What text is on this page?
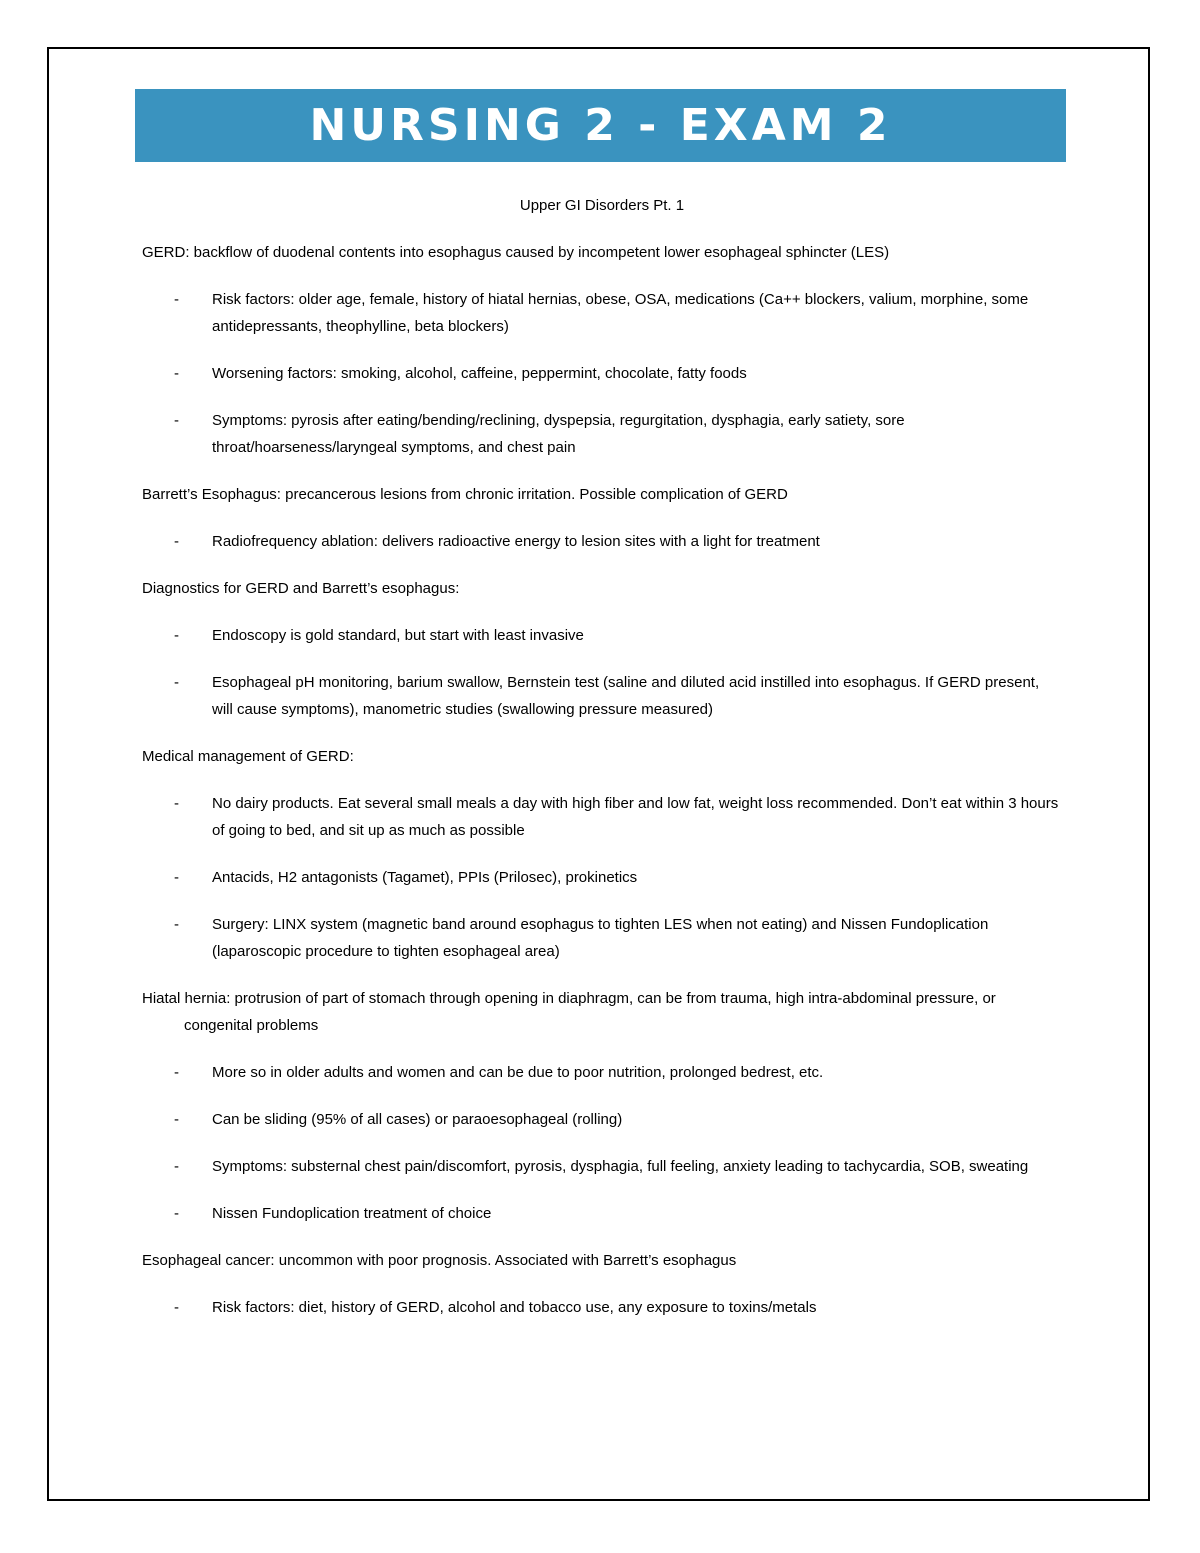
NURSING 2 - EXAM 2

Upper GI Disorders Pt. 1

GERD: backflow of duodenal contents into esophagus caused by incompetent lower esophageal sphincter (LES)

- Risk factors: older age, female, history of hiatal hernias, obese, OSA, medications (Ca++ blockers, valium, morphine, some antidepressants, theophylline, beta blockers)
- Worsening factors: smoking, alcohol, caffeine, peppermint, chocolate, fatty foods
- Symptoms: pyrosis after eating/bending/reclining, dyspepsia, regurgitation, dysphagia, early satiety, sore throat/hoarseness/laryngeal symptoms, and chest pain

Barrett’s Esophagus: precancerous lesions from chronic irritation. Possible complication of GERD

- Radiofrequency ablation: delivers radioactive energy to lesion sites with a light for treatment

Diagnostics for GERD and Barrett’s esophagus:

- Endoscopy is gold standard, but start with least invasive
- Esophageal pH monitoring, barium swallow, Bernstein test (saline and diluted acid instilled into esophagus. If GERD present, will cause symptoms), manometric studies (swallowing pressure measured)

Medical management of GERD:

- No dairy products. Eat several small meals a day with high fiber and low fat, weight loss recommended. Don’t eat within 3 hours of going to bed, and sit up as much as possible
- Antacids, H2 antagonists (Tagamet), PPIs (Prilosec), prokinetics
- Surgery: LINX system (magnetic band around esophagus to tighten LES when not eating) and Nissen Fundoplication (laparoscopic procedure to tighten esophageal area)

Hiatal hernia: protrusion of part of stomach through opening in diaphragm, can be from trauma, high intra-abdominal pressure, or congenital problems

- More so in older adults and women and can be due to poor nutrition, prolonged bedrest, etc.
- Can be sliding (95% of all cases) or paraoesophageal (rolling)
- Symptoms: substernal chest pain/discomfort, pyrosis, dysphagia, full feeling, anxiety leading to tachycardia, SOB, sweating
- Nissen Fundoplication treatment of choice

Esophageal cancer: uncommon with poor prognosis. Associated with Barrett’s esophagus

- Risk factors: diet, history of GERD, alcohol and tobacco use, any exposure to toxins/metals
